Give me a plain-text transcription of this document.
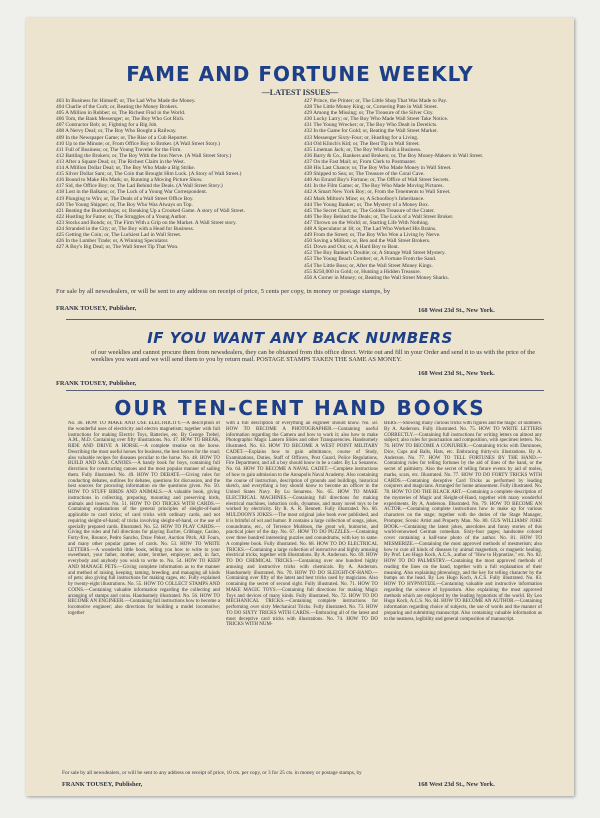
FAME AND FORTUNE WEEKLY
—LATEST ISSUES—
403 In Business for Himself; or, The Lad Who Made the Money.
404 Charlie of the Curb; or, Beating the Money Brokers.
405 A Million in Rubber; or, The Richest Find in the World.
406 Tom, the Bank Messenger; or, The Boy Who Got Rich.
407 Contractor Bob; or, Fighting for a Big Job.
408 A Nervy Deal; or, The Boy Who Bought a Railway.
409 In the Newspaper Game; or, The Rise of a Cub Reporter.
410 Up to the Minute; or, From Office Boy to Broker. (A Wall Street Story.)
411 Full of Business; or, The Young Traveler for the Firm.
412 Battling the Brokers; or, The Boy With the Iron Nerve. (A Wall Street Story.)
413 After a Square Deal; or, The Richest Claim in the West.
414 A Million Dollar Deal; or, The Boy Who Made a Big Strike.
415 Silver Dollar Sam; or, The Coin that Brought Him Luck. (A Story of Wall Street.)
416 Bound to Make His Mark; or, Running a Moving Picture Show.
417 Sid, the Office Boy; or, The Lad Behind the Deals. (A Wall Street Story.)
418 Lost in the Balkans; or, The Luck of a Young War Correspondent.
419 Plunging to Win; or, The Deals of a Wall Street Office Boy.
420 The Young Shipper; or, The Boy Who Was Always on Top.
421 Beating the Bucketshops; or, Breaking Up a Crooked Game. A story of Wall Street.
422 Hustling for Fame; or, The Struggles of a Young Author.
423 Stocks and Bonds; or, The Firm With a Grip on the Market. A Wall Street story.
424 Stranded in the City; or, The Boy with a Head for Business.
425 Getting the Coin; or, The Luckiest Lad in Wall Street.
426 In the Lumber Trade; or, A Winning Speculator.
427 A Boy's Big Deal; or, The Wall Street Tip That Won.
427 Prince, the Printer; or, The Little Shop That Was Made to Pay.
428 The Little Money King; or, Cornering Pate in Wall Street.
429 Among the Missing; or, The Treasure of the Silver City.
430 Lucky Larry; or, The Boy Who Made Wall Street Take Notice.
431 The Young Wrecker; or, The Boy Who Dealt in Derelicts.
432 In the Game for Gold; or, Beating the Wall Street Market.
433 Messenger Sixty-Four; or, Hustling for a Living.
434 Old Klinch's Kid; or, The Best Tip in Wall Street.
435 Lineman Jack; or, The Boy Who Built a Business.
436 Barry & Co., Bankers and Brokers; or, The Boy Money-Makers in Wall Street.
437 On the Fast Mail; or, From Clerk to Postmaster.
438 His Last Chance; or, The Boy Who Made Money in Wall Street.
439 Shipped to Sea; or, The Treasure of the Coral Cave.
440 An Errand Boy's Fortune; or, The Office of Wall Street Secrets.
441 In the Film Game; or, The Boy Who Made Moving Pictures.
442 A Smart New York Boy; or, From the Tenements to Wall Street.
443 Mark Milton's Mine; or, A Schoolboy's Inheritance.
444 The Young Banker; or, The Mystery of a Money Box.
445 The Secret Chart; or, The Golden Treasure of the Crater.
446 The Boy Behind the Deals; or, The Luck of a Wall Street Broker.
447 Thrown on the World; or, Starting Life With Nothing.
448 A Speculator at 18; or, The Lad Who Worked His Brains.
449 From the Street; or, The Boy Who Won a Living by Nerve.
450 Saving a Million; or, Ben and the Wall Street Brokers.
451 Down and Out; or, A Hard Boy to Beat.
452 The Boy Banker's Double; or, A Strange Wall Street Mystery.
453 The Young Beach Comber; or, A Fortune From the Sand.
454 The Little Boss; or, After the Wall Street Money Kings.
455 $250,000 in Gold; or, Hunting a Hidden Treasure.
456 A Corner in Money; or, Beating the Wall Street Money Sharks.
For sale by all newsdealers, or will be sent to any address on receipt of price, 5 cents per copy, in money or postage stamps, by
FRANK TOUSEY, Publisher,	168 West 23d St., New York.
IF YOU WANT ANY BACK NUMBERS
of our weeklies and cannot procure them from newsdealers, they can be obtained from this office direct. Write out and fill in your Order and send it to us with the price of the weeklies you want and we will send them to you by return mail. POSTAGE STAMPS TAKEN THE SAME AS MONEY.
FRANK TOUSEY, Publisher,
168 West 23d St., New York.
OUR TEN-CENT HAND BOOKS
No. 46. HOW TO MAKE AND USE ELECTRICITY.—A description of the wonderful uses of electricity and electro magnetism; together with full instructions for making Electric Toys, Batteries, etc. By George Trebel, A.M., M.D. Containing over fifty illustrations. No. 47. HOW TO BREAK, RIDE AND DRIVE A HORSE.—A complete treatise on the horse. Describing the most useful horses for business, the best horses for the road; also valuable recipes for diseases peculiar to the horse. No. 48. HOW TO BUILD AND SAIL CANOES.—A handy book for boys, containing full directions for constructing canoes and the most popular manner of sailing them. Fully illustrated. No. 49. HOW TO DEBATE.—Giving rules for conducting debates, outlines for debates, questions for discussion, and the best sources for procuring information on the questions given. No. 50. HOW TO STUFF BIRDS AND ANIMALS.—A valuable book, giving instructions in collecting, preparing, mounting and preserving birds, animals and insects. No. 51. HOW TO DO TRICKS WITH CARDS.—Containing explanations of the general principles of sleight-of-hand applicable to card tricks; of card tricks with ordinary cards, and not requiring sleight-of-hand; of tricks involving sleight-of-hand, or the use of specially prepared cards. Illustrated. No. 52. HOW TO PLAY CARDS.—Giving the rules and full directions for playing Euchre, Cribbage, Casino, Forty-five, Rounce, Pedro Sancho, Draw Poker, Auction Pitch, All Fours, and many other popular games of cards. No. 53. HOW TO WRITE LETTERS.—A wonderful little book, telling you how to write to your sweetheart, your father, mother, sister, brother, employer; and, in fact, everybody and anybody you wish to write to. No. 54. HOW TO KEEP AND MANAGE PETS.—Giving complete information as to the manner and method of raising, keeping, taming, breeding, and managing all kinds of pets; also giving full instructions for making cages, etc. Fully explained by twenty-eight illustrations. No. 55. HOW TO COLLECT STAMPS AND COINS.—Containing valuable information regarding the collecting and arranging of stamps and coins. Handsomely illustrated. No. 56. HOW TO BECOME AN ENGINEER.—Containing full instructions how to become a locomotive engineer; also directions for building a model locomotive; together
with a full description of everything an engineer should know. No. 58. HOW TO BECOME A PHOTOGRAPHER.—Containing useful information regarding the Camera and how to work it; also how to make Photographic Magic Lantern Slides and other Transparencies. Handsomely illustrated. No. 63. HOW TO BECOME A WEST POINT MILITARY CADET.—Explains how to gain admittance, course of Study, Examinations, Duties, Staff of Officers, Post Guard, Police Regulations, Fire Department, and all a boy should know to be a cadet. By Lu Senarens. No. 64. HOW TO BECOME A NAVAL CADET.—Complete instructions of how to gain admission to the Annapolis Naval Academy. Also containing the course of instruction, description of grounds and buildings, historical sketch, and everything a boy should know to become an officer in the United States Navy. By Lu Senarens. No. 65. HOW TO MAKE ELECTRICAL MACHINES.—Containing full directions for making electrical machines, induction coils, dynamos, and many novel toys to be worked by electricity. By R. A. R. Bennett. Fully illustrated. No. 66. MULDOON'S JOKES.—The most original joke book ever published, and it is brimful of wit and humor. It contains a large collection of songs, jokes, conundrums, etc., of Terrence Muldoon, the great wit, humorist, and practical joker of the day. No. 67. HOW TO DO PUZZLES.—Containing over three hundred interesting puzzles and conundrums, with key to same. A complete book. Fully illustrated. No. 68. HOW TO DO ELECTRICAL TRICKS.—Containing a large collection of instructive and highly amusing electrical tricks, together with illustrations. By A. Anderson. No. 69. HOW TO DO CHEMICAL TRICKS.—Containing over one hundred highly amusing and instructive tricks with chemicals. By A. Anderson. Handsomely illustrated. No. 70. HOW TO DO SLEIGHT-OF-HAND.—Containing over fifty of the latest and best tricks used by magicians. Also containing the secret of second sight. Fully illustrated. No. 71. HOW TO MAKE MAGIC TOYS.—Containing full directions for making Magic Toys and devices of many kinds. Fully illustrated. No. 72. HOW TO DO MECHANICAL TRICKS.—Containing complete instructions for performing over sixty Mechanical Tricks. Fully illustrated. No. 73. HOW TO DO SIXTY TRICKS WITH CARDS.—Embracing all of the latest and most deceptive card tricks with illustrations. No. 74. HOW TO DO TRICKS WITH NUM-
BERS.—Showing many curious tricks with figures and the magic of numbers. By A. Anderson. Fully illustrated. No. 75. HOW TO WRITE LETTERS CORRECTLY.—Containing full instructions for writing letters on almost any subject; also rules for punctuation and composition, with specimen letters. No. 76. HOW TO BECOME A CONJURER.—Containing tricks with Dominoes, Dice, Cups and Balls, Hats, etc. Embracing thirty-six illustrations. By A. Anderson. No. 77. HOW TO TELL FORTUNES BY THE HAND.—Containing rules for telling fortunes by the aid of lines of the hand, or the secret of palmistry. Also the secret of telling future events by aid of moles, marks, scars, etc. Illustrated. No. 77. HOW TO DO FORTY TRICKS WITH CARDS.—Containing deceptive Card Tricks as performed by leading conjurers and magicians. Arranged for home amusement. Fully illustrated. No. 78. HOW TO DO THE BLACK ART.—Containing a complete description of the mysteries of Magic and Sleight-of-Hand, together with many wonderful experiments. By A. Anderson. Illustrated. No. 79. HOW TO BECOME AN ACTOR.—Containing complete instructions how to make up for various characters on the stage; together with the duties of the Stage Manager, Prompter, Scenic Artist and Property Man. No. 80. GUS WILLIAMS' JOKE BOOK.—Containing the latest jokes, anecdotes and funny stories of this world-renowned German comedian. Sixty-four pages; handsome colored cover containing a half-tone photo of the author. No. 81. HOW TO MESMERIZE.—Containing the most approved methods of mesmerism; also how to cure all kinds of diseases by animal magnetism, or magnetic healing. By Prof. Leo Hugo Koch, A.C.S., author of "How to Hypnotize," etc. No. 82. HOW TO DO PALMISTRY.—Containing the most approved methods of reading the lines on the hand, together with a full explanation of their meaning. Also explaining phrenology, and the key for telling character by the bumps on the head. By Leo Hugo Koch, A.C.S. Fully illustrated. No. 83. HOW TO HYPNOTIZE.—Containing valuable and instructive information regarding the science of hypnotism. Also explaining the most approved methods which are employed by the leading hypnotists of the world. By Leo Hugo Koch, A.C.S. No. 84. HOW TO BECOME AN AUTHOR.—Containing information regarding choice of subjects, the use of words and the manner of preparing and submitting manuscript. Also containing valuable information as to the neatness, legibility and general composition of manuscript.
For sale by all newsdealers, or will be sent to any address on receipt of price, 10 cts. per copy, or 3 for 25 cts. in money or postage stamps, by
FRANK TOUSEY, Publisher,	168 West 23d St., New York.
